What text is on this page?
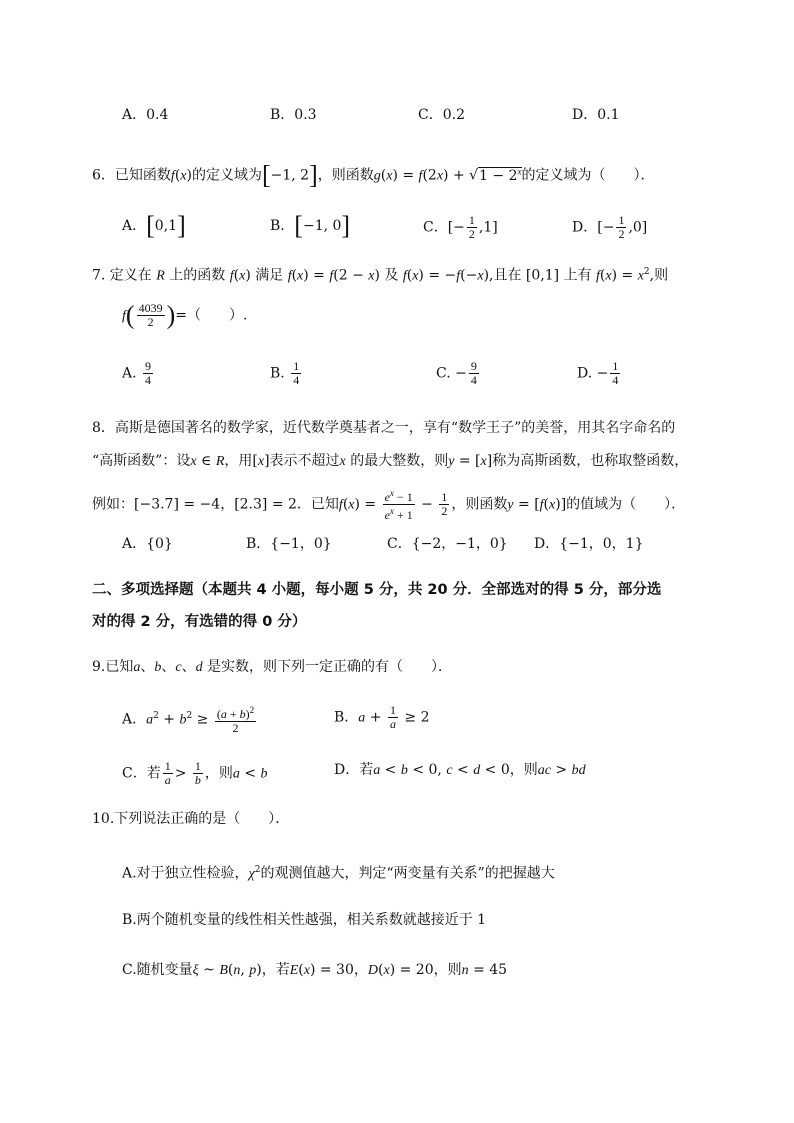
A．0.4	B．0.3	C．0.2	D．0.1
6．已知函数f(x)的定义域为[−1, 2]，则函数$g(x) = f(2x) + √1 - 2^x$的定义域为（　　）．
A．[0,1]	B．[−1, 0]	C．[− $\frac{1}{2} ,1$]	D．[− $\frac{1}{2} ,0$]
7. 定义在 R 上的函数 f(x) 满足 f(x) = f(2 − x) 及 f(x) = −f(−x),且在 [0,1] 上有 $f(x) = x^2$,则
$f( \frac{4039}{2}$ )=（　　）.
A. $\frac{9}{4}$	B. $\frac{1}{4}$	C. − $\frac{9}{4}$	D. − $\frac{1}{4}$
8．高斯是德国著名的数学家，近代数学奠基者之一，享有“数学王子”的美誉，用其名字命名的
“高斯函数”：设x ∈ R，用[x]表示不超过x 的最大整数，则y = [x]称为高斯函数，也称取整函数，
例如：[−3.7] = −4，[2.3] = 2．已知$f(x) = \frac{e^x - 1}{e^x + 1} - \frac{1}{2}$ ，则函数y = [f(x)]的值域为（　　）．
A．{0}	B．{−1，0}	C．{−2，−1，0} D．{−1，0，1}
二、多项选择题（本题共 4 小题，每小题 5 分，共 20 分．全部选对的得 5 分，部分选
对的得 2 分，有选错的得 0 分）
9.已知a、b、c、d 是实数，则下列一定正确的有（　　）．
A．$a^2 + b^2 \ge \frac{(a + b)^2}{2}$	B．$a + \frac{1}{a} \ge 2$
C．若 $\frac{1}{a} > \frac{1}{b}$ ，则a < b	D．若a < b < 0, c < d < 0，则ac > bd
10.下列说法正确的是（　　）．
A.对于独立性检验，$\chi^2$的观测值越大，判定“两变量有关系”的把握越大
B.两个随机变量的线性相关性越强，相关系数就越接近于 1
C.随机变量ξ ~ B(n, p)，若E(x) = 30，D(x) = 20，则n = 45
